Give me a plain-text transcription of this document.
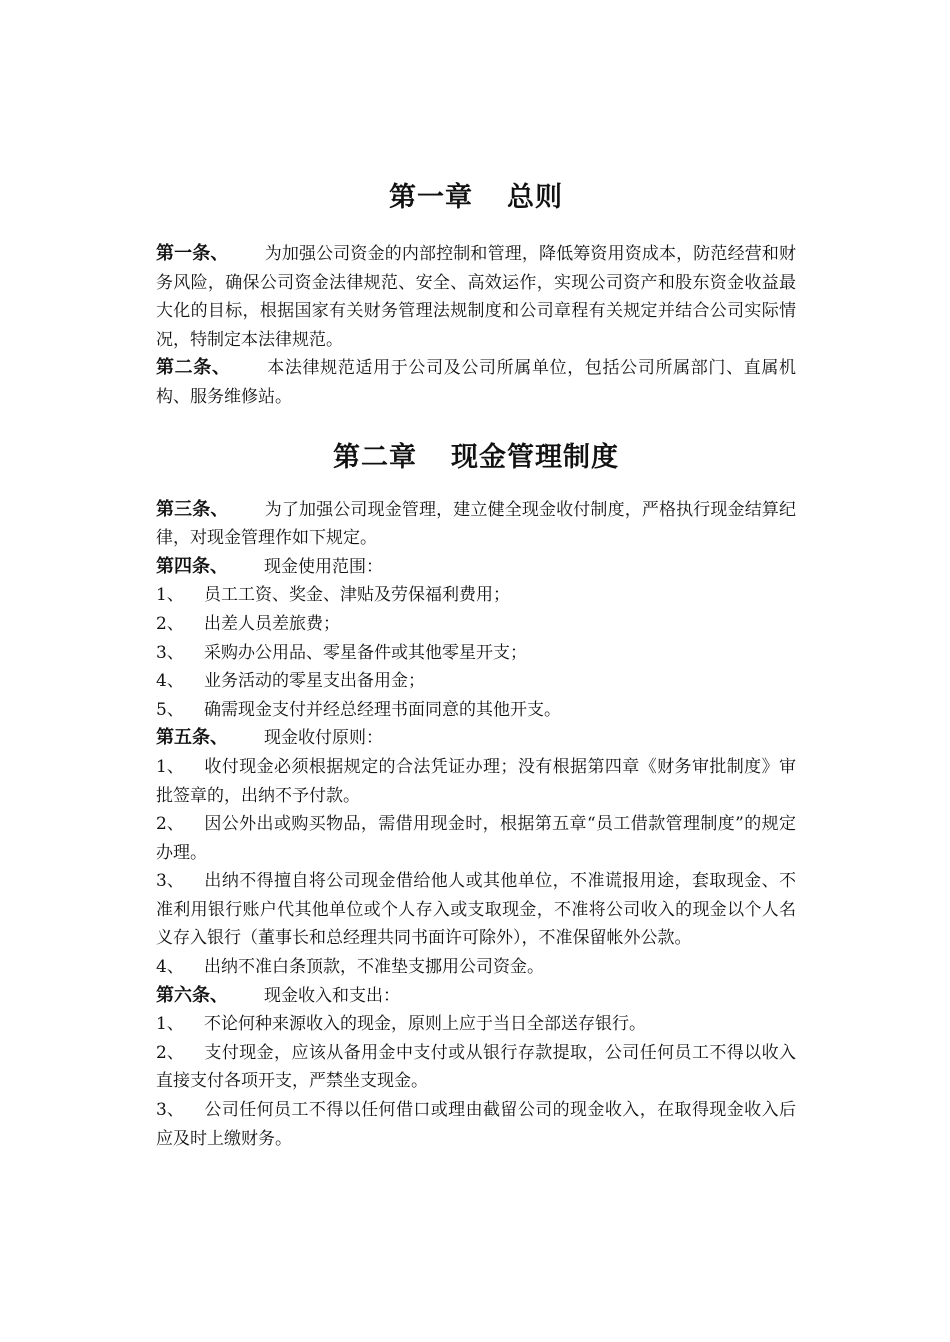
第一章 总则

第一条、 为加强公司资金的内部控制和管理，降低筹资用资成本，防范经营和财务风险，确保公司资金法律规范、安全、高效运作，实现公司资产和股东资金收益最大化的目标，根据国家有关财务管理法规制度和公司章程有关规定并结合公司实际情况，特制定本法律规范。

第二条、 本法律规范适用于公司及公司所属单位，包括公司所属部门、直属机构、服务维修站。

第二章 现金管理制度

第三条、 为了加强公司现金管理，建立健全现金收付制度，严格执行现金结算纪律，对现金管理作如下规定。

第四条、 现金使用范围：

1、 员工工资、奖金、津贴及劳保福利费用；

2、 出差人员差旅费；

3、 采购办公用品、零星备件或其他零星开支；

4、 业务活动的零星支出备用金；

5、 确需现金支付并经总经理书面同意的其他开支。

第五条、 现金收付原则：

1、 收付现金必须根据规定的合法凭证办理；没有根据第四章《财务审批制度》审批签章的，出纳不予付款。

2、 因公外出或购买物品，需借用现金时，根据第五章“员工借款管理制度”的规定办理。

3、 出纳不得擅自将公司现金借给他人或其他单位，不准谎报用途，套取现金、不准利用银行账户代其他单位或个人存入或支取现金，不准将公司收入的现金以个人名义存入银行（董事长和总经理共同书面许可除外），不准保留帐外公款。

4、 出纳不准白条顶款，不准垫支挪用公司资金。

第六条、 现金收入和支出：

1、 不论何种来源收入的现金，原则上应于当日全部送存银行。

2、 支付现金，应该从备用金中支付或从银行存款提取，公司任何员工不得以收入直接支付各项开支，严禁坐支现金。

3、 公司任何员工不得以任何借口或理由截留公司的现金收入，在取得现金收入后应及时上缴财务。
